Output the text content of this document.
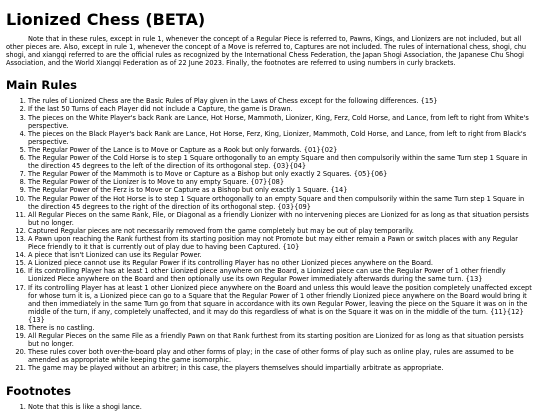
Lionized Chess (BETA)

Note that in these rules, except in rule 1, whenever the concept of a Regular Piece is referred to, Pawns, Kings, and Lionizers are not included, but all other pieces are. Also, except in rule 1, whenever the concept of a Move is referred to, Captures are not included. The rules of international chess, shogi, chu shogi, and xiangqi referred to are the official rules as recognized by the International Chess Federation, the Japan Shogi Association, the Japanese Chu Shogi Association, and the World Xiangqi Federation as of 22 June 2023. Finally, the footnotes are referred to using numbers in curly brackets.

Main Rules
1. The rules of Lionized Chess are the Basic Rules of Play given in the Laws of Chess except for the following differences. {15}
2. If the last 50 Turns of each Player did not include a Capture, the game is Drawn.
3. The pieces on the White Player's back Rank are Lance, Hot Horse, Mammoth, Lionizer, King, Ferz, Cold Horse, and Lance, from left to right from White's perspective.
4. The pieces on the Black Player's back Rank are Lance, Hot Horse, Ferz, King, Lionizer, Mammoth, Cold Horse, and Lance, from left to right from Black's perspective.
5. The Regular Power of the Lance is to Move or Capture as a Rook but only forwards. {01}{02}
6. The Regular Power of the Cold Horse is to step 1 Square orthogonally to an empty Square and then compulsorily within the same Turn step 1 Square in the direction 45 degrees to the left of the direction of its orthogonal step. {03}{04}
7. The Regular Power of the Mammoth is to Move or Capture as a Bishop but only exactly 2 Squares. {05}{06}
8. The Regular Power of the Lionizer is to Move to any empty Square. {07}{08}
9. The Regular Power of the Ferz is to Move or Capture as a Bishop but only exactly 1 Square. {14}
10. The Regular Power of the Hot Horse is to step 1 Square orthogonally to an empty Square and then compulsorily within the same Turn step 1 Square in the direction 45 degrees to the right of the direction of its orthogonal step. {03}{09}
11. All Regular Pieces on the same Rank, File, or Diagonal as a friendly Lionizer with no intervening pieces are Lionized for as long as that situation persists but no longer.
12. Captured Regular pieces are not necessarily removed from the game completely but may be out of play temporarily.
13. A Pawn upon reaching the Rank furthest from its starting position may not Promote but may either remain a Pawn or switch places with any Regular Piece friendly to it that is currently out of play due to having been Captured. {10}
14. A piece that isn't Lionized can use its Regular Power.
15. A Lionized piece cannot use its Regular Power if its controlling Player has no other Lionized pieces anywhere on the Board.
16. If its controlling Player has at least 1 other Lionized piece anywhere on the Board, a Lionized piece can use the Regular Power of 1 other friendly Lionized Piece anywhere on the Board and then optionally use its own Regular Power immediately afterwards during the same turn. {13}
17. If its controlling Player has at least 1 other Lionized piece anywhere on the Board and unless this would leave the position completely unaffected except for whose turn it is, a Lionized piece can go to a Square that the Regular Power of 1 other friendly Lionized piece anywhere on the Board would bring it and then immediately in the same Turn go from that square in accordance with its own Regular Power, leaving the piece on the Square it was on in the middle of the turn, if any, completely unaffected, and it may do this regardless of what is on the Square it was on in the middle of the turn. {11}{12}{13}
18. There is no castling.
19. All Regular Pieces on the same File as a friendly Pawn on that Rank furthest from its starting position are Lionized for as long as that situation persists but no longer.
20. These rules cover both over-the-board play and other forms of play; in the case of other forms of play such as online play, rules are assumed to be amended as appropriate while keeping the game isomorphic.
21. The game may be played without an arbitrer; in this case, the players themselves should impartially arbitrate as appropriate.
Footnotes
1. Note that this is like a shogi lance.
